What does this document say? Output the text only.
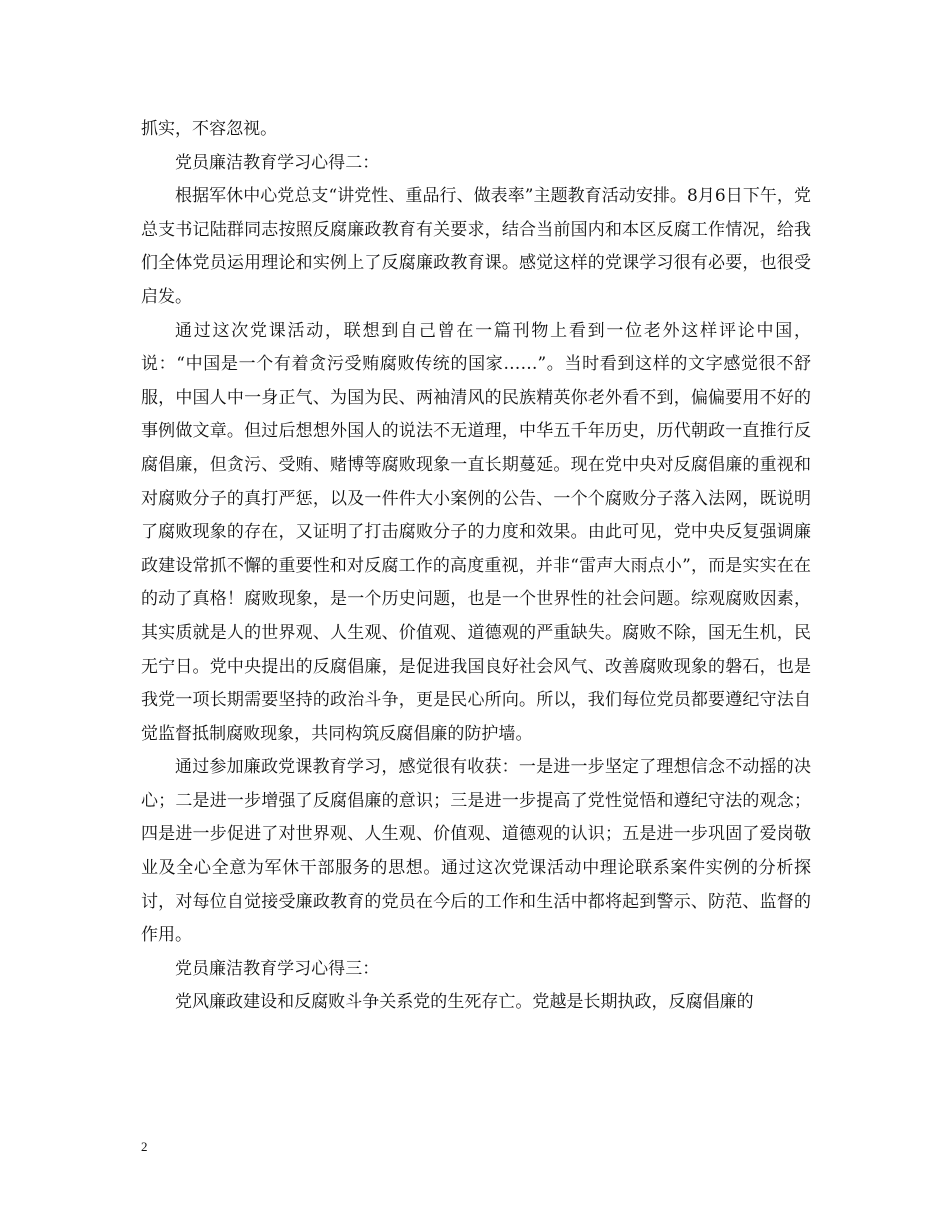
抓实，不容忽视。

党员廉洁教育学习心得二：

根据军休中心党总支“讲党性、重品行、做表率”主题教育活动安排。8月6日下午，党总支书记陆群同志按照反腐廉政教育有关要求，结合当前国内和本区反腐工作情况，给我们全体党员运用理论和实例上了反腐廉政教育课。感觉这样的党课学习很有必要，也很受启发。

通过这次党课活动，联想到自己曾在一篇刊物上看到一位老外这样评论中国，说：“中国是一个有着贪污受贿腐败传统的国家……”。当时看到这样的文字感觉很不舒服，中国人中一身正气、为国为民、两袖清风的民族精英你老外看不到，偏偏要用不好的事例做文章。但过后想想外国人的说法不无道理，中华五千年历史，历代朝政一直推行反腐倡廉，但贪污、受贿、赌博等腐败现象一直长期蔓延。现在党中央对反腐倡廉的重视和对腐败分子的真打严惩，以及一件件大小案例的公告、一个个腐败分子落入法网，既说明了腐败现象的存在，又证明了打击腐败分子的力度和效果。由此可见，党中央反复强调廉政建设常抓不懈的重要性和对反腐工作的高度重视，并非“雷声大雨点小”，而是实实在在的动了真格！腐败现象，是一个历史问题，也是一个世界性的社会问题。综观腐败因素，其实质就是人的世界观、人生观、价值观、道德观的严重缺失。腐败不除，国无生机，民无宁日。党中央提出的反腐倡廉，是促进我国良好社会风气、改善腐败现象的磐石，也是我党一项长期需要坚持的政治斗争，更是民心所向。所以，我们每位党员都要遵纪守法自觉监督抵制腐败现象，共同构筑反腐倡廉的防护墙。

通过参加廉政党课教育学习，感觉很有收获：一是进一步坚定了理想信念不动摇的决心；二是进一步增强了反腐倡廉的意识；三是进一步提高了党性觉悟和遵纪守法的观念；四是进一步促进了对世界观、人生观、价值观、道德观的认识；五是进一步巩固了爱岗敬业及全心全意为军休干部服务的思想。通过这次党课活动中理论联系案件实例的分析探讨，对每位自觉接受廉政教育的党员在今后的工作和生活中都将起到警示、防范、监督的作用。

党员廉洁教育学习心得三：

党风廉政建设和反腐败斗争关系党的生死存亡。党越是长期执政，反腐倡廉的

2
